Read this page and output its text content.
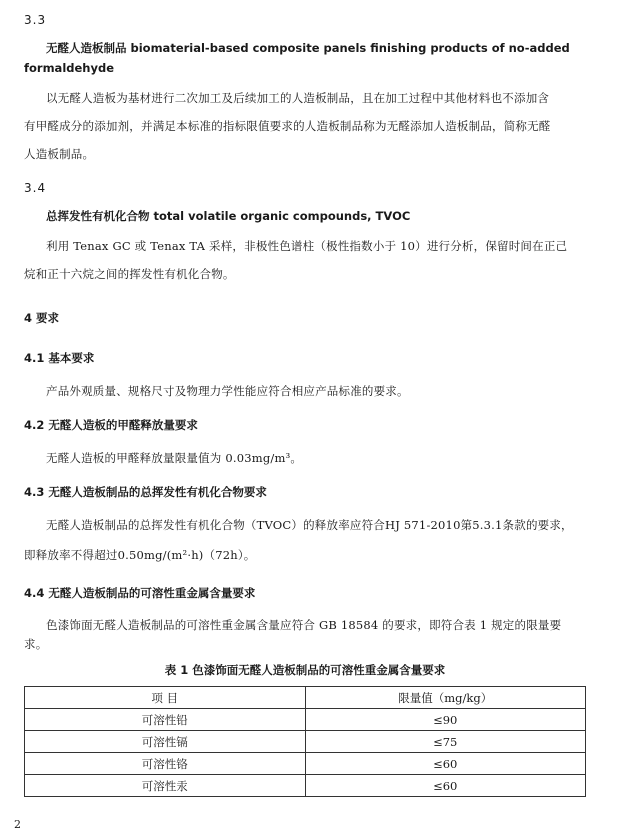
3.3
无醛人造板制品 biomaterial-based composite panels finishing products of no-added
formaldehyde
以无醛人造板为基材进行二次加工及后续加工的人造板制品，且在加工过程中其他材料也不添加含
有甲醛成分的添加剂，并满足本标准的指标限值要求的人造板制品称为无醛添加人造板制品，简称无醛
人造板制品。
3.4
总挥发性有机化合物 total volatile organic compounds, TVOC
利用 Tenax GC 或 Tenax TA 采样，非极性色谱柱（极性指数小于 10）进行分析，保留时间在正己
烷和正十六烷之间的挥发性有机化合物。
4 要求
4.1 基本要求
产品外观质量、规格尺寸及物理力学性能应符合相应产品标准的要求。
4.2 无醛人造板的甲醛释放量要求
无醛人造板的甲醛释放量限量值为 0.03mg/m³。
4.3 无醛人造板制品的总挥发性有机化合物要求
无醛人造板制品的总挥发性有机化合物（TVOC）的释放率应符合HJ 571-2010第5.3.1条款的要求，
即释放率不得超过0.50mg/(m²·h)（72h）。
4.4 无醛人造板制品的可溶性重金属含量要求
色漆饰面无醛人造板制品的可溶性重金属含量应符合 GB 18584 的要求，即符合表 1 规定的限量要
求。
表 1 色漆饰面无醛人造板制品的可溶性重金属含量要求
项 目	限量值（mg/kg）
可溶性铅	≤90
可溶性镉	≤75
可溶性铬	≤60
可溶性汞	≤60
2
